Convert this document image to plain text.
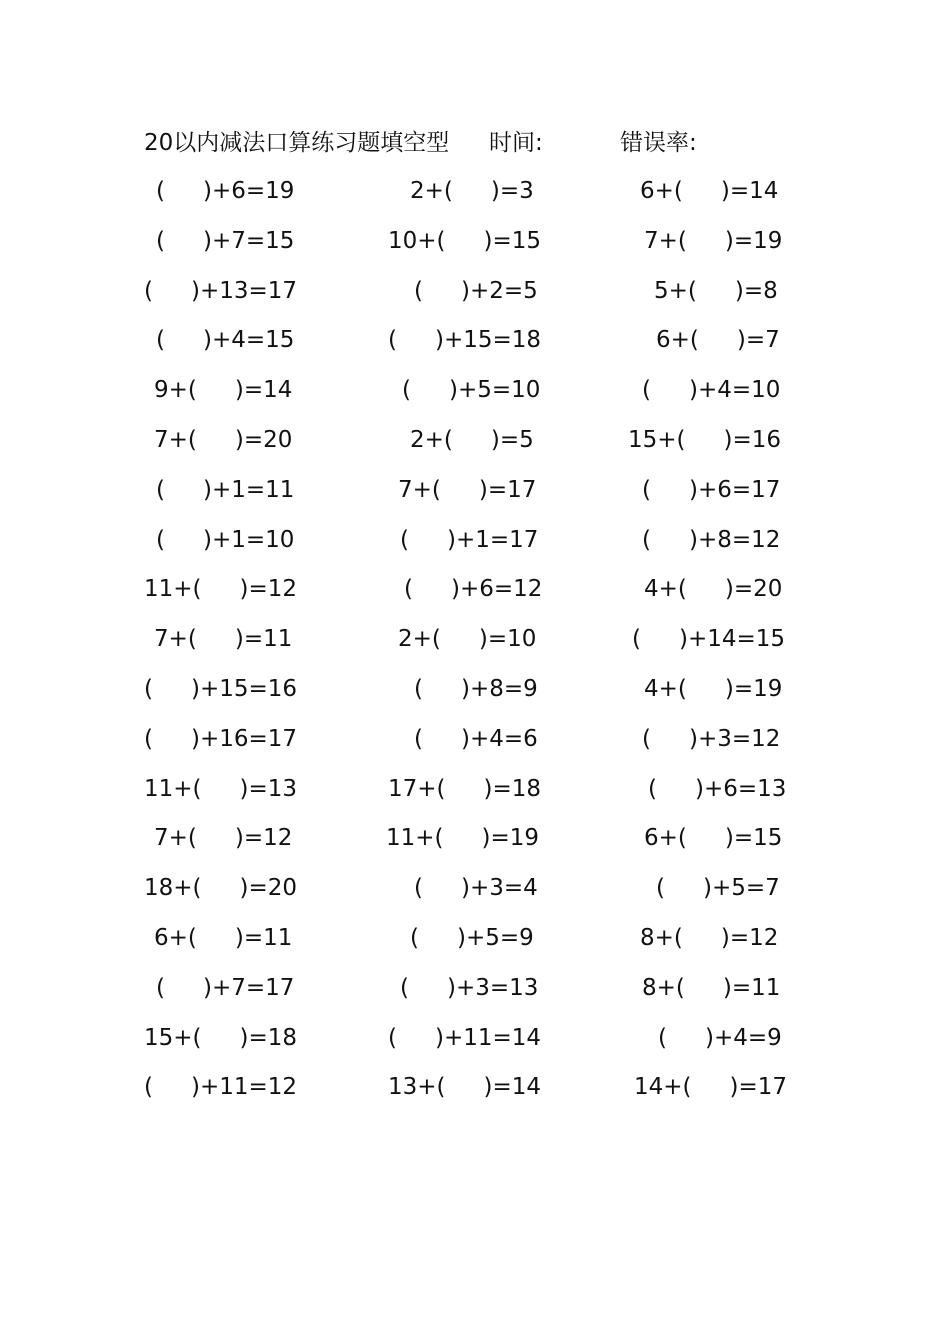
20以内减法口算练习题填空型 时间:	错误率:
( )+6=19	2+( )=3	6+( )=14
( )+7=15	10+( )=15	7+( )=19
( )+13=17	( )+2=5	5+( )=8
( )+4=15	( )+15=18	6+( )=7
9+( )=14	( )+5=10	( )+4=10
7+( )=20	2+( )=5	15+( )=16
( )+1=11	7+( )=17	( )+6=17
( )+1=10	( )+1=17	( )+8=12
11+( )=12	( )+6=12	4+( )=20
7+( )=11	2+( )=10	( )+14=15
( )+15=16	( )+8=9	4+( )=19
( )+16=17	( )+4=6	( )+3=12
11+( )=13	17+( )=18	( )+6=13
7+( )=12	11+( )=19	6+( )=15
18+( )=20	( )+3=4	( )+5=7
6+( )=11	( )+5=9	8+( )=12
( )+7=17	( )+3=13	8+( )=11
15+( )=18	( )+11=14	( )+4=9
( )+11=12	13+( )=14	14+( )=17
